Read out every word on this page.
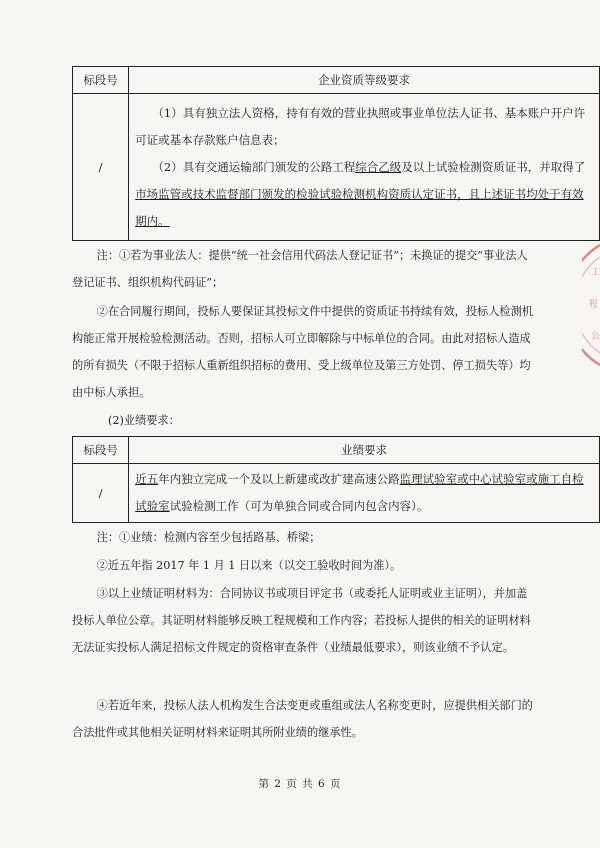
标段号	企业资质等级要求
/	（1）具有独立法人资格，持有有效的营业执照或事业单位法人证书、基本账户开户许可证或基本存款账户信息表；

（2）具有交通运输部门颁发的公路工程综合乙级及以上试验检测资质证书，并取得了市场监管或技术监督部门颁发的检验试验检测机构资质认定证书，且上述证书均处于有效期内。

注：①若为事业法人：提供“统一社会信用代码法人登记证书”；未换证的提交“事业法人登记证书、组织机构代码证”；

②在合同履行期间，投标人要保证其投标文件中提供的资质证书持续有效，投标人检测机构能正常开展检验检测活动。否则，招标人可立即解除与中标单位的合同。由此对招标人造成的所有损失（不限于招标人重新组织招标的费用、受上级单位及第三方处罚、停工损失等）均由中标人承担。

(2)业绩要求：
标段号	业绩要求
/	近五年内独立完成一个及以上新建或改扩建高速公路监理试验室或中心试验室或施工自检试验室试验检测工作（可为单独合同或合同内包含内容）。

注：①业绩：检测内容至少包括路基、桥梁；

②近五年指 2017 年 1 月 1 日以来（以交工验收时间为准）。

③以上业绩证明材料为：合同协议书或项目评定书（或委托人证明或业主证明），并加盖投标人单位公章。其证明材料能够反映工程规模和工作内容；若投标人提供的相关的证明材料无法证实投标人满足招标文件规定的资格审查条件（业绩最低要求），则该业绩不予认定。

④若近年来，投标人法人机构发生合法变更或重组或法人名称变更时，应提供相关部门的合法批件或其他相关证明材料来证明其所附业绩的继承性。

第 2 页 共 6 页
工
程
公
